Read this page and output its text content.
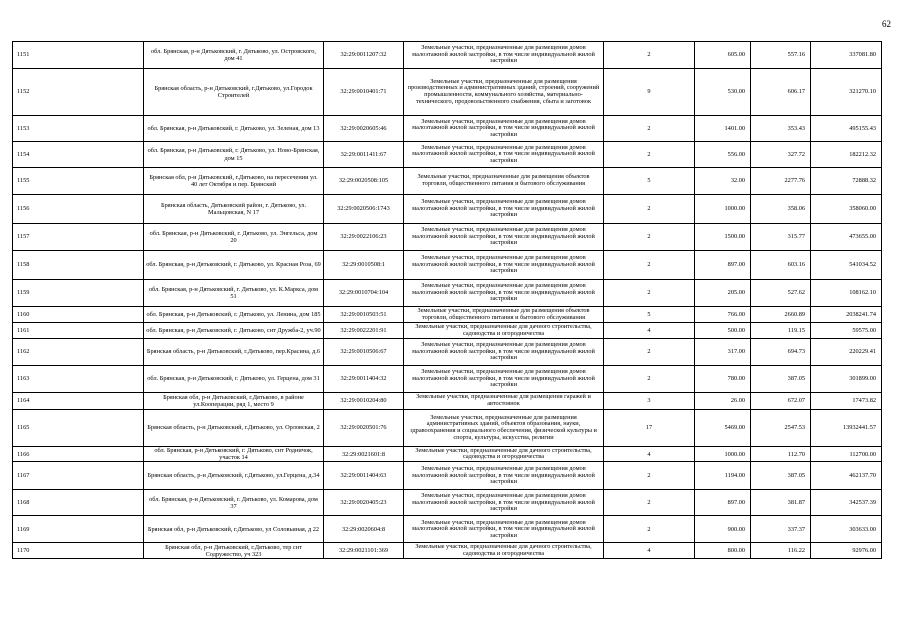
62
1151	обл. Брянская, р-н Дятьковский, г. Дятьково, ул. Островского, дом 41	32:29:0011207:32	Земельные участки, предназначенные для размещения домов малоэтажной жилой застройки, в том числе индивидуальной жилой застройки	2	605.00	557.16	337081.80
1152	Брянская область, р-н Дятьковский, г.Дятьково, ул.Городок Строителей	32:29:0010401:71	Земельные участки, предназначенные для размещения производственных и административных зданий, строений, сооружений промышленности, коммунального хозяйства, материально-технического, продовольственного снабжения, сбыта и заготовок	9	530.00	606.17	321270.10
1153	обл. Брянская, р-н Дятьковский, г. Дятьково, ул. Зеленая, дом 13	32:29:0020605:46	Земельные участки, предназначенные для размещения домов малоэтажной жилой застройки, в том числе индивидуальной жилой застройки	2	1401.00	353.43	495155.43
1154	обл. Брянская, р-н Дятьковский, г. Дятьково, ул. Ново-Брянская, дом 15	32:29:0011411:67	Земельные участки, предназначенные для размещения домов малоэтажной жилой застройки, в том числе индивидуальной жилой застройки	2	556.00	327.72	182212.32
1155	Брянская обл, р-н Дятьковский, г.Дятьково, на пересечении ул. 40 лет Октября и пер. Брянский	32:29:0020508:105	Земельные участки, предназначенные для размещения объектов торговли, общественного питания и бытового обслуживания	5	32.00	2277.76	72888.32
1156	Брянская область, Дятьковский район, г. Дятьково, ул. Мальцовская, N 17	32:29:0020506:1743	Земельные участки, предназначенные для размещения домов малоэтажной жилой застройки, в том числе индивидуальной жилой застройки	2	1000.00	358.06	358060.00
1157	обл. Брянская, р-н Дятьковский, г. Дятьково, ул. Энгельса, дом 20	32:29:0022106:23	Земельные участки, предназначенные для размещения домов малоэтажной жилой застройки, в том числе индивидуальной жилой застройки	2	1500.00	315.77	473655.00
1158	обл. Брянская, р-н Дятьковский, г. Дятьково, ул. Красная Роза, 69	32:29:0010508:1	Земельные участки, предназначенные для размещения домов малоэтажной жилой застройки, в том числе индивидуальной жилой застройки	2	897.00	603.16	541034.52
1159	обл. Брянская, р-н Дятьковский, г. Дятьково, ул. К.Маркса, дом 51	32:29:0010704:104	Земельные участки, предназначенные для размещения домов малоэтажной жилой застройки, в том числе индивидуальной жилой застройки	2	205.00	527.62	108162.10
1160	обл. Брянская, р-н Дятьковский, г. Дятьково, ул. Ленина, дом 185	32:29:0010503:51	Земельные участки, предназначенные для размещения объектов торговли, общественного питания и бытового обслуживания	5	766.00	2660.89	2038241.74
1161	обл. Брянская, р-н Дятьковский, г. Дятьково, снт Дружба-2, уч.90	32:29:0022201:91	Земельные участки, предназначенные для дачного строительства, садоводства и огородничества	4	500.00	119.15	59575.00
1162	Брянская область, р-н Дятьковский, г.Дятьково, пер.Красина, д.6	32:29:0010506:67	Земельные участки, предназначенные для размещения домов малоэтажной жилой застройки, в том числе индивидуальной жилой застройки	2	317.00	694.73	220229.41
1163	обл. Брянская, р-н Дятьковский, г. Дятьково, ул. Герцена, дом 31	32:29:0011404:32	Земельные участки, предназначенные для размещения домов малоэтажной жилой застройки, в том числе индивидуальной жилой застройки	2	780.00	387.05	301899.00
1164	Брянская обл, р-н Дятьковский, г.Дятьково, в районе ул.Кооперации, ряд 1, место 9	32:29:0010204:80	Земельные участки, предназначенные для размещения гаражей и автостоянок	3	26.00	672.07	17473.82
1165	Брянская область, р-н Дятьковский, г.Дятьково, ул. Орловская, 2	32:29:0020501:76	Земельные участки, предназначенные для размещения административных зданий, объектов образования, науки, здравоохранения и социального обеспечения, физической культуры и спорта, культуры, искусства, религии	17	5469.00	2547.53	13932441.57
1166	обл. Брянская, р-н Дятьковский, г. Дятьково, снт Родничок, участок 14	32:29:0021601:8	Земельные участки, предназначенные для дачного строительства, садоводства и огородничества	4	1000.00	112.70	112700.00
1167	Брянская область, р-н Дятьковский, г.Дятьково, ул.Герцена, д.34	32:29:0011404:63	Земельные участки, предназначенные для размещения домов малоэтажной жилой застройки, в том числе индивидуальной жилой застройки	2	1194.00	387.05	462137.70
1168	обл. Брянская, р-н Дятьковский, г. Дятьково, ул. Комарова, дом 37	32:29:0020405:23	Земельные участки, предназначенные для размещения домов малоэтажной жилой застройки, в том числе индивидуальной жилой застройки	2	897.00	381.87	342537.39
1169	Брянская обл, р-н Дятьковский, г.Дятьково, ул Соловьиная, д 22	32:29:0020604:8	Земельные участки, предназначенные для размещения домов малоэтажной жилой застройки, в том числе индивидуальной жилой застройки	2	900.00	337.37	303633.00
1170	Брянская обл, р-н Дятьковский, г.Дятьково, тер снт Содружество, уч 323	32:29:0021101:369	Земельные участки, предназначенные для дачного строительства, садоводства и огородничества	4	800.00	116.22	92976.00
